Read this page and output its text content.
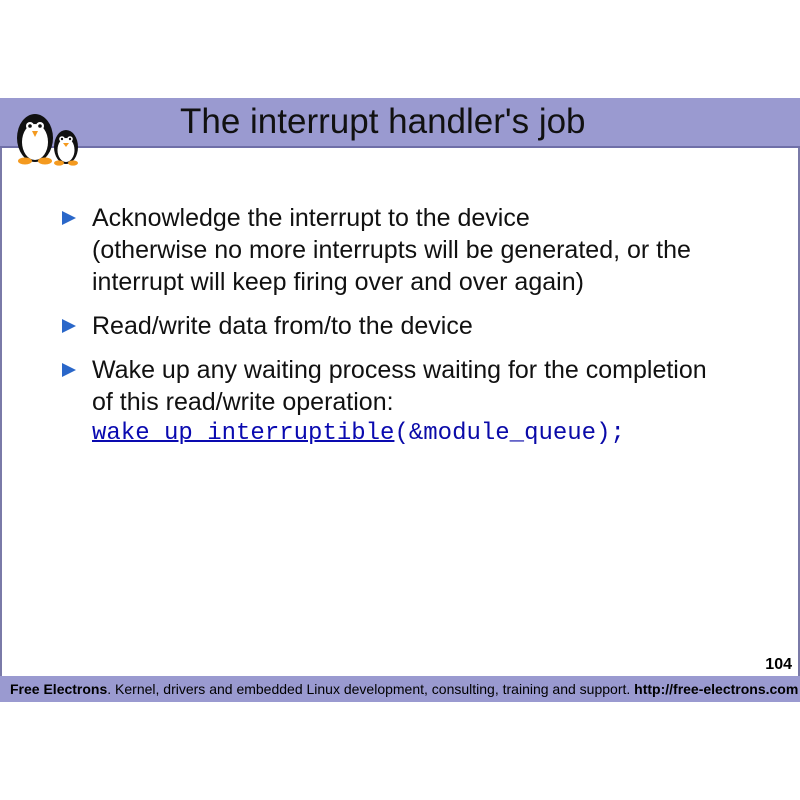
The interrupt handler's job
Acknowledge the interrupt to the device
(otherwise no more interrupts will be generated, or the
interrupt will keep firing over and over again)
Read/write data from/to the device
Wake up any waiting process waiting for the completion
of this read/write operation:
wake_up_interruptible(&module_queue);
104
Free Electrons. Kernel, drivers and embedded Linux development, consulting, training and support. http://free-electrons.com
